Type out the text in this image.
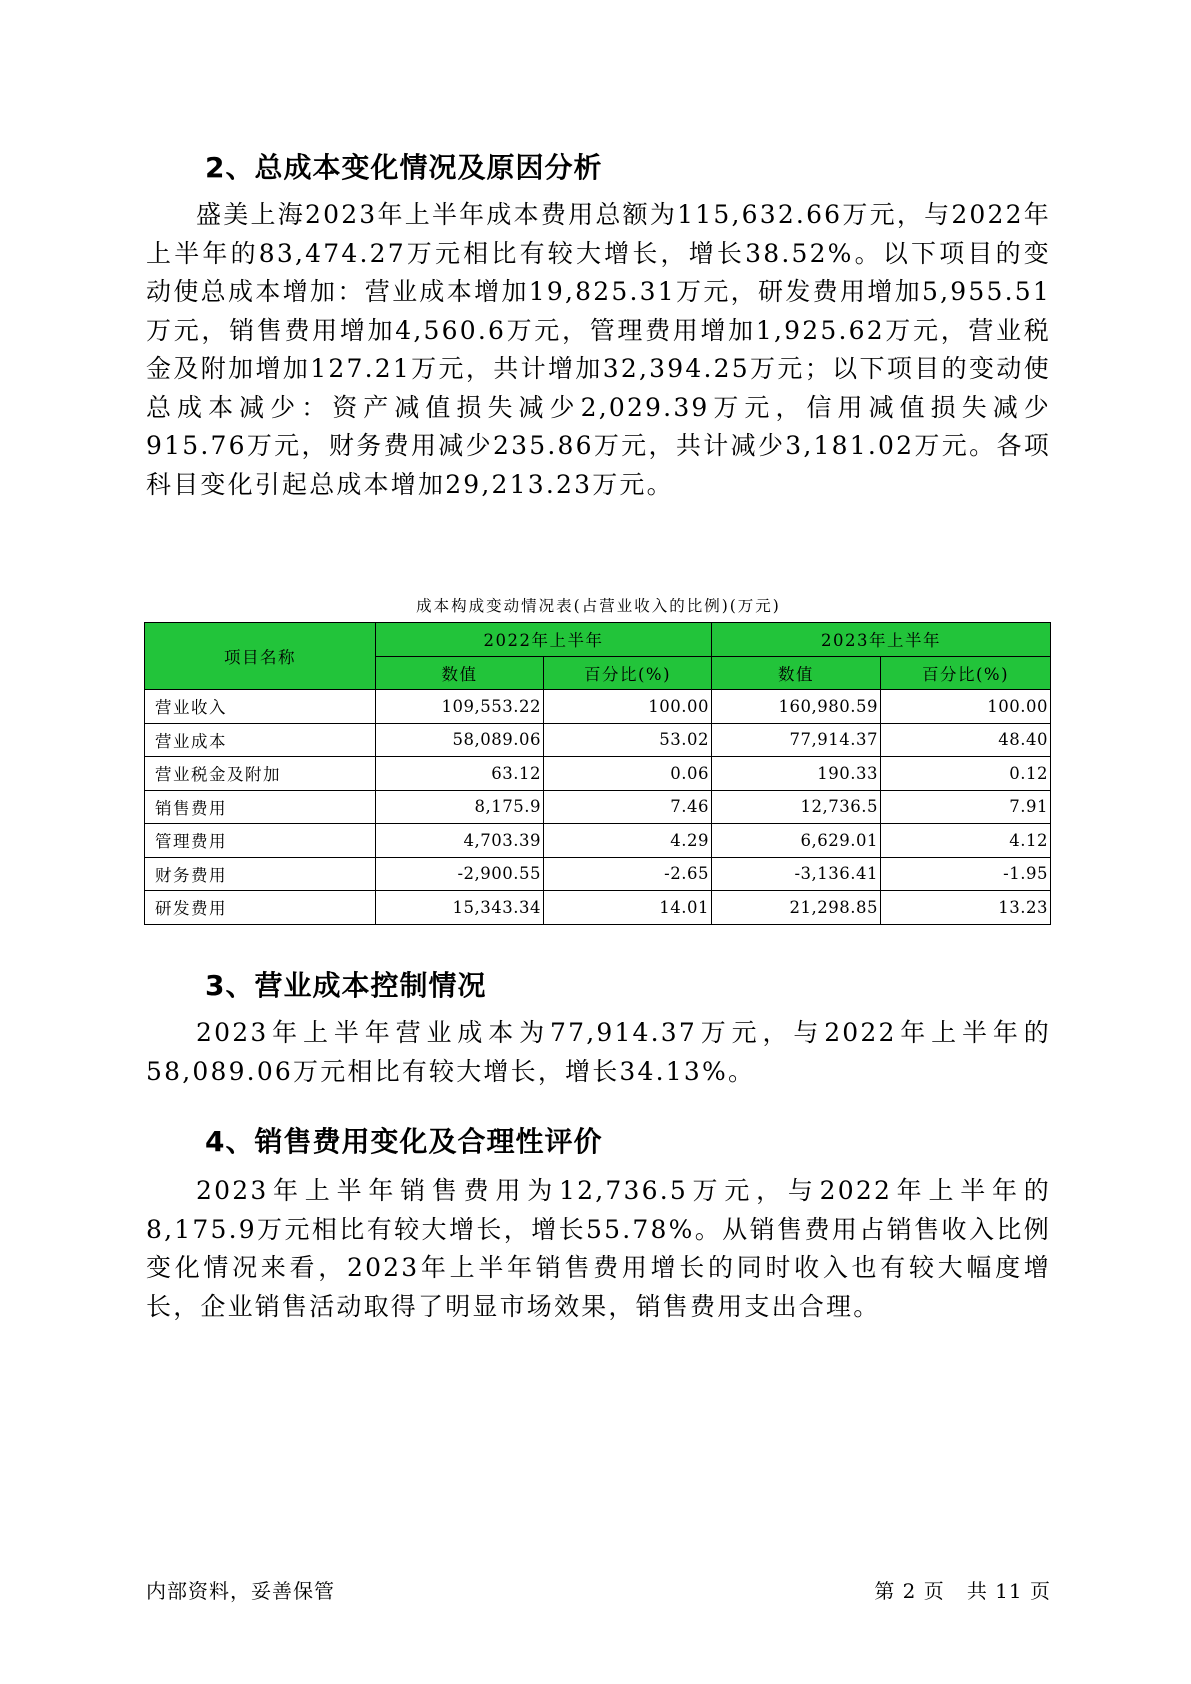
2、总成本变化情况及原因分析

盛美上海2023年上半年成本费用总额为115,632.66万元，与2022年上半年的83,474.27万元相比有较大增长，增长38.52%。以下项目的变动使总成本增加：营业成本增加19,825.31万元，研发费用增加5,955.51万元，销售费用增加4,560.6万元，管理费用增加1,925.62万元，营业税金及附加增加127.21万元，共计增加32,394.25万元；以下项目的变动使总成本减少：资产减值损失减少2,029.39万元，信用减值损失减少915.76万元，财务费用减少235.86万元，共计减少3,181.02万元。各项科目变化引起总成本增加29,213.23万元。

成本构成变动情况表(占营业收入的比例)(万元)
项目名称	2022年上半年		2023年上半年	
	数值	百分比(%)	数值	百分比(%)
营业收入	109,553.22	100.00	160,980.59	100.00
营业成本	58,089.06	53.02	77,914.37	48.40
营业税金及附加	63.12	0.06	190.33	0.12
销售费用	8,175.9	7.46	12,736.5	7.91
管理费用	4,703.39	4.29	6,629.01	4.12
财务费用	-2,900.55	-2.65	-3,136.41	-1.95
研发费用	15,343.34	14.01	21,298.85	13.23
3、营业成本控制情况

2023年上半年营业成本为77,914.37万元，与2022年上半年的58,089.06万元相比有较大增长，增长34.13%。

4、销售费用变化及合理性评价

2023年上半年销售费用为12,736.5万元，与2022年上半年的8,175.9万元相比有较大增长，增长55.78%。从销售费用占销售收入比例变化情况来看，2023年上半年销售费用增长的同时收入也有较大幅度增长，企业销售活动取得了明显市场效果，销售费用支出合理。

内部资料，妥善保管	第 2 页   共 11 页
